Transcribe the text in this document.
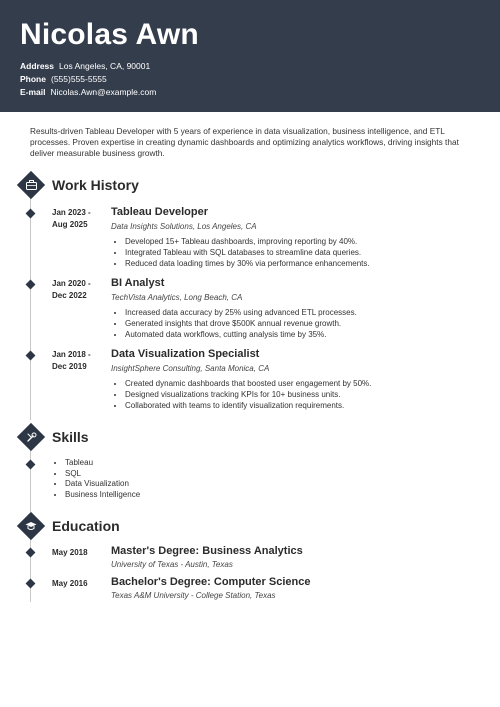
Nicolas Awn
Address Los Angeles, CA, 90001
Phone (555)555-5555
E-mail Nicolas.Awn@example.com
Results-driven Tableau Developer with 5 years of experience in data visualization, business intelligence, and ETL processes. Proven expertise in creating dynamic dashboards and optimizing analytics workflows, driving insights that deliver measurable business growth.
Work History
Jan 2023 -
Aug 2025
Tableau Developer
Data Insights Solutions, Los Angeles, CA
• Developed 15+ Tableau dashboards, improving reporting by 40%.
• Integrated Tableau with SQL databases to streamline data queries.
• Reduced data loading times by 30% via performance enhancements.
Jan 2020 -
Dec 2022
BI Analyst
TechVista Analytics, Long Beach, CA
• Increased data accuracy by 25% using advanced ETL processes.
• Generated insights that drove $500K annual revenue growth.
• Automated data workflows, cutting analysis time by 35%.
Jan 2018 -
Dec 2019
Data Visualization Specialist
InsightSphere Consulting, Santa Monica, CA
• Created dynamic dashboards that boosted user engagement by 50%.
• Designed visualizations tracking KPIs for 10+ business units.
• Collaborated with teams to identify visualization requirements.
Skills
• Tableau
• SQL
• Data Visualization
• Business Intelligence
Education
May 2018 Master's Degree: Business Analytics
University of Texas - Austin, Texas
May 2016 Bachelor's Degree: Computer Science
Texas A&M University - College Station, Texas
